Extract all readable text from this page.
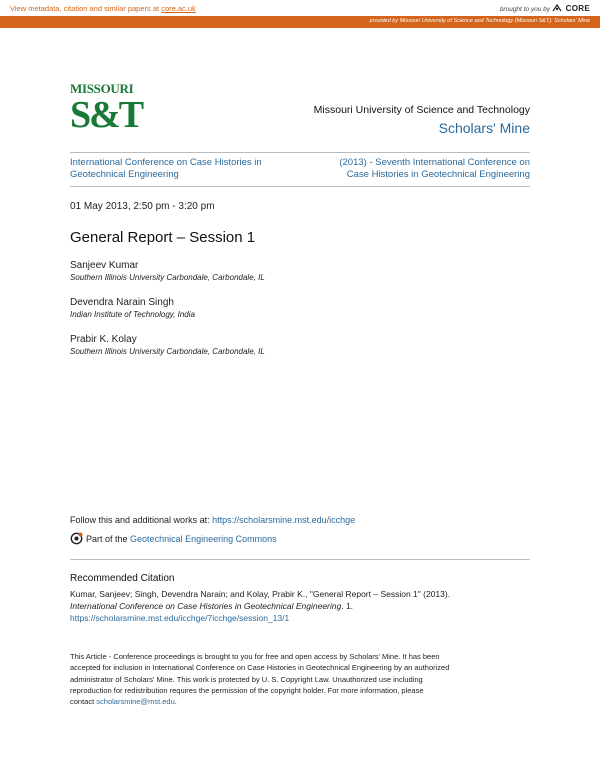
View metadata, citation and similar papers at core.ac.uk	brought to you by CORE
provided by Missouri University of Science and Technology (Missouri S&T): Scholars' Mine
MISSOURI
S&T	Missouri University of Science and Technology
Scholars' Mine
International Conference on Case Histories in
Geotechnical Engineering
(2013) - Seventh International Conference on
Case Histories in Geotechnical Engineering
01 May 2013, 2:50 pm - 3:20 pm
General Report – Session 1
Sanjeev Kumar
Southern Illinois University Carbondale, Carbondale, IL
Devendra Narain Singh
Indian Institute of Technology, India
Prabir K. Kolay
Southern Illinois University Carbondale, Carbondale, IL
Follow this and additional works at: https://scholarsmine.mst.edu/icchge
Part of the
Geotechnical Engineering Commons
Recommended Citation
Kumar, Sanjeev; Singh, Devendra Narain; and Kolay, Prabir K., "General Report – Session 1" (2013).
International Conference on Case Histories in Geotechnical Engineering. 1.
https://scholarsmine.mst.edu/icchge/7icchge/session_13/1
This Article - Conference proceedings is brought to you for free and open access by Scholars' Mine. It has been
accepted for inclusion in International Conference on Case Histories in Geotechnical Engineering by an authorized
administrator of Scholars' Mine. This work is protected by U. S. Copyright Law. Unauthorized use including
reproduction for redistribution requires the permission of the copyright holder. For more information, please
contact scholarsmine@mst.edu.
